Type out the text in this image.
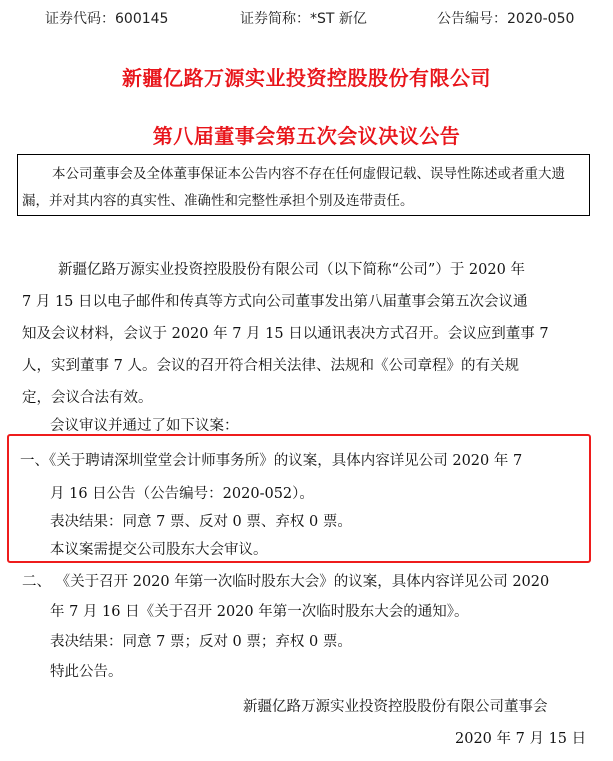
证券代码：600145	证券简称：*ST 新亿	公告编号：2020-050
新疆亿路万源实业投资控股股份有限公司
第八届董事会第五次会议决议公告
本公司董事会及全体董事保证本公告内容不存在任何虚假记载、误导性陈述或者重大遗
漏，并对其内容的真实性、准确性和完整性承担个别及连带责任。
新疆亿路万源实业投资控股股份有限公司（以下简称“公司”）于 2020 年
7 月 15 日以电子邮件和传真等方式向公司董事发出第八届董事会第五次会议通
知及会议材料，会议于 2020 年 7 月 15 日以通讯表决方式召开。会议应到董事 7
人，实到董事 7 人。会议的召开符合相关法律、法规和《公司章程》的有关规
定，会议合法有效。
会议审议并通过了如下议案：
一、《关于聘请深圳堂堂会计师事务所》的议案，具体内容详见公司 2020 年 7
月 16 日公告（公告编号：2020-052）。
表决结果：同意 7 票、反对 0 票、弃权 0 票。
本议案需提交公司股东大会审议。
二、 《关于召开 2020 年第一次临时股东大会》的议案，具体内容详见公司 2020
年 7 月 16 日《关于召开 2020 年第一次临时股东大会的通知》。
表决结果：同意 7 票；反对 0 票；弃权 0 票。
特此公告。
新疆亿路万源实业投资控股股份有限公司董事会
2020 年 7 月 15 日
